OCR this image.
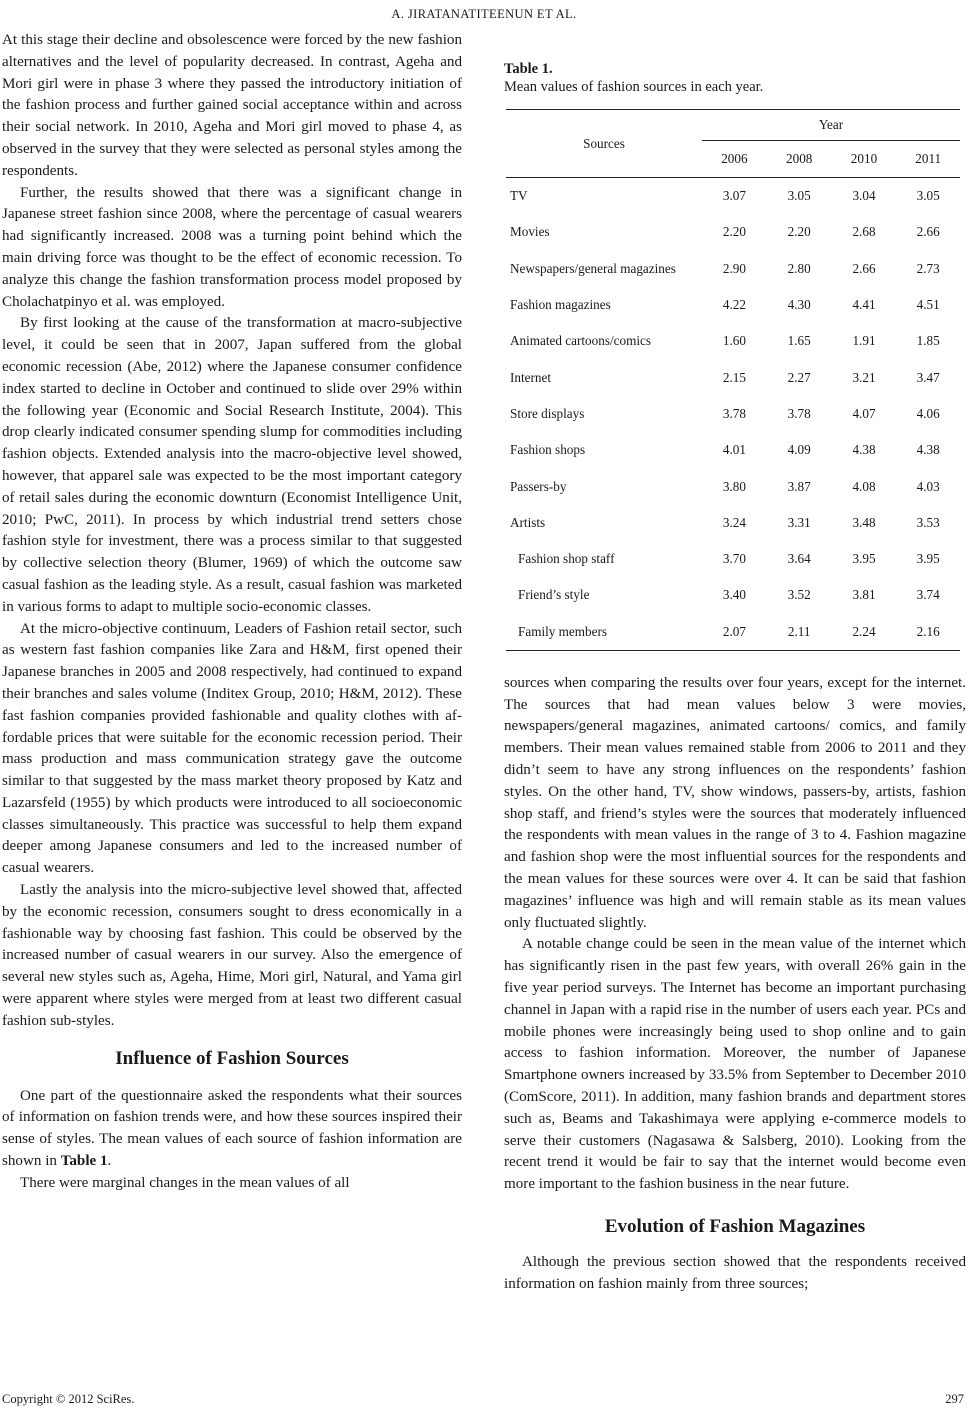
A. JIRATANATITEENUN ET AL.

At this stage their decline and obsolescence were forced by the new fashion alternatives and the level of popularity decreased. In contrast, Ageha and Mori girl were in phase 3 where they passed the introductory initiation of the fashion process and further gained social acceptance within and across their social network. In 2010, Ageha and Mori girl moved to phase 4, as observed in the survey that they were selected as personal styles among the respondents.

Further, the results showed that there was a significant change in Japanese street fashion since 2008, where the percentage of casual wearers had significantly increased. 2008 was a turning point behind which the main driving force was thought to be the effect of economic recession. To analyze this change the fashion transformation process model proposed by Cholachatpinyo et al. was employed.

By first looking at the cause of the transformation at macro-subjective level, it could be seen that in 2007, Japan suffered from the global economic recession (Abe, 2012) where the Japanese consumer confidence index started to decline in October and continued to slide over 29% within the following year (Economic and Social Research Institute, 2004). This drop clearly indicated consumer spending slump for commodities including fashion objects. Extended analysis into the macro-objective level showed, however, that apparel sale was expected to be the most important category of retail sales during the economic downturn (Economist Intelligence Unit, 2010; PwC, 2011). In process by which industrial trend setters chose fashion style for investment, there was a process similar to that suggested by collective selection theory (Blumer, 1969) of which the outcome saw casual fashion as the leading style. As a result, casual fashion was marketed in various forms to adapt to multiple socio-economic classes.

At the micro-objective continuum, Leaders of Fashion retail sector, such as western fast fashion companies like Zara and H&M, first opened their Japanese branches in 2005 and 2008 respectively, had continued to expand their branches and sales volume (Inditex Group, 2010; H&M, 2012). These fast fashion companies provided fashionable and quality clothes with affordable prices that were suitable for the economic recession period. Their mass production and mass communication strategy gave the outcome similar to that suggested by the mass market theory proposed by Katz and Lazarsfeld (1955) by which products were introduced to all socioeconomic classes simultaneously. This practice was successful to help them expand deeper among Japanese consumers and led to the increased number of casual wearers.

Lastly the analysis into the micro-subjective level showed that, affected by the economic recession, consumers sought to dress economically in a fashionable way by choosing fast fashion. This could be observed by the increased number of casual wearers in our survey. Also the emergence of several new styles such as, Ageha, Hime, Mori girl, Natural, and Yama girl were apparent where styles were merged from at least two different casual fashion sub-styles.

Influence of Fashion Sources

One part of the questionnaire asked the respondents what their sources of information on fashion trends were, and how these sources inspired their sense of styles. The mean values of each source of fashion information are shown in Table 1.

There were marginal changes in the mean values of all

Table 1.
Mean values of fashion sources in each year.
Sources	Year			
	2006	2008	2010	2011
TV	3.07	3.05	3.04	3.05
Movies	2.20	2.20	2.68	2.66
Newspapers/general magazines	2.90	2.80	2.66	2.73
Fashion magazines	4.22	4.30	4.41	4.51
Animated cartoons/comics	1.60	1.65	1.91	1.85
Internet	2.15	2.27	3.21	3.47
Store displays	3.78	3.78	4.07	4.06
Fashion shops	4.01	4.09	4.38	4.38
Passers-by	3.80	3.87	4.08	4.03
Artists	3.24	3.31	3.48	3.53
Fashion shop staff	3.70	3.64	3.95	3.95
Friend’s style	3.40	3.52	3.81	3.74
Family members	2.07	2.11	2.24	2.16

sources when comparing the results over four years, except for the internet. The sources that had mean values below 3 were movies, newspapers/general magazines, animated cartoons/ comics, and family members. Their mean values remained stable from 2006 to 2011 and they didn’t seem to have any strong influences on the respondents’ fashion styles. On the other hand, TV, show windows, passers-by, artists, fashion shop staff, and friend’s styles were the sources that moderately influenced the respondents with mean values in the range of 3 to 4. Fashion magazine and fashion shop were the most influential sources for the respondents and the mean values for these sources were over 4. It can be said that fashion magazines’ influence was high and will remain stable as its mean values only fluctuated slightly.

A notable change could be seen in the mean value of the internet which has significantly risen in the past few years, with overall 26% gain in the five year period surveys. The Internet has become an important purchasing channel in Japan with a rapid rise in the number of users each year. PCs and mobile phones were increasingly being used to shop online and to gain access to fashion information. Moreover, the number of Japanese Smartphone owners increased by 33.5% from September to December 2010 (ComScore, 2011). In addition, many fashion brands and department stores such as, Beams and Takashimaya were applying e-commerce models to serve their customers (Nagasawa & Salsberg, 2010). Looking from the recent trend it would be fair to say that the internet would become even more important to the fashion business in the near future.

Evolution of Fashion Magazines

Although the previous section showed that the respondents received information on fashion mainly from three sources;

Copyright © 2012 SciRes.	297
